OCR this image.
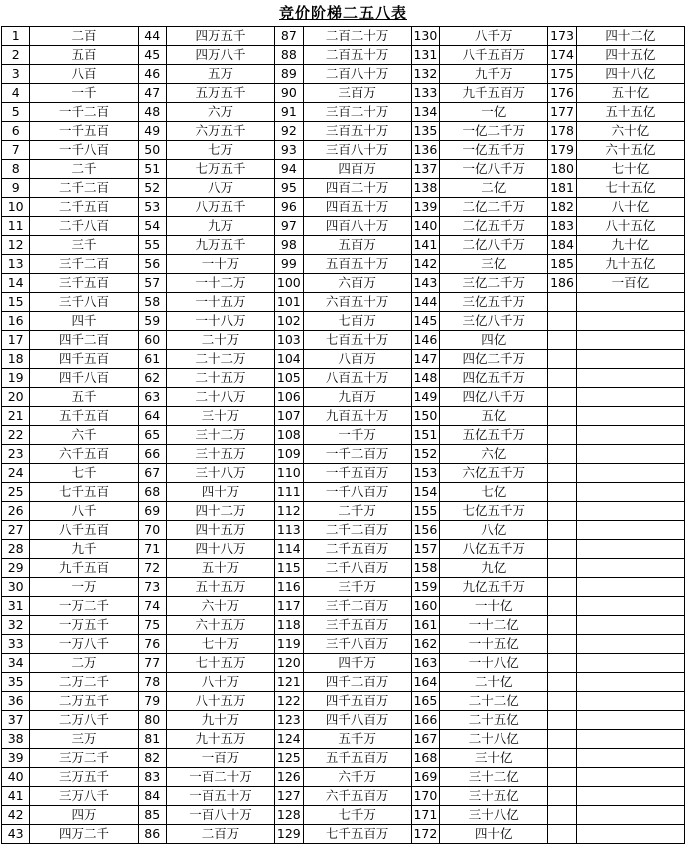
竞价阶梯二五八表
1	二百	44	四万五千	87	二百二十万	130	八千万	173	四十二亿
2	五百	45	四万八千	88	二百五十万	131	八千五百万	174	四十五亿
3	八百	46	五万	89	二百八十万	132	九千万	175	四十八亿
4	一千	47	五万五千	90	三百万	133	九千五百万	176	五十亿
5	一千二百	48	六万	91	三百二十万	134	一亿	177	五十五亿
6	一千五百	49	六万五千	92	三百五十万	135	一亿二千万	178	六十亿
7	一千八百	50	七万	93	三百八十万	136	一亿五千万	179	六十五亿
8	二千	51	七万五千	94	四百万	137	一亿八千万	180	七十亿
9	二千二百	52	八万	95	四百二十万	138	二亿	181	七十五亿
10	二千五百	53	八万五千	96	四百五十万	139	二亿二千万	182	八十亿
11	二千八百	54	九万	97	四百八十万	140	二亿五千万	183	八十五亿
12	三千	55	九万五千	98	五百万	141	二亿八千万	184	九十亿
13	三千二百	56	一十万	99	五百五十万	142	三亿	185	九十五亿
14	三千五百	57	一十二万	100	六百万	143	三亿二千万	186	一百亿
15	三千八百	58	一十五万	101	六百五十万	144	三亿五千万		
16	四千	59	一十八万	102	七百万	145	三亿八千万		
17	四千二百	60	二十万	103	七百五十万	146	四亿		
18	四千五百	61	二十二万	104	八百万	147	四亿二千万		
19	四千八百	62	二十五万	105	八百五十万	148	四亿五千万		
20	五千	63	二十八万	106	九百万	149	四亿八千万		
21	五千五百	64	三十万	107	九百五十万	150	五亿		
22	六千	65	三十二万	108	一千万	151	五亿五千万		
23	六千五百	66	三十五万	109	一千二百万	152	六亿		
24	七千	67	三十八万	110	一千五百万	153	六亿五千万		
25	七千五百	68	四十万	111	一千八百万	154	七亿		
26	八千	69	四十二万	112	二千万	155	七亿五千万		
27	八千五百	70	四十五万	113	二千二百万	156	八亿		
28	九千	71	四十八万	114	二千五百万	157	八亿五千万		
29	九千五百	72	五十万	115	二千八百万	158	九亿		
30	一万	73	五十五万	116	三千万	159	九亿五千万		
31	一万二千	74	六十万	117	三千二百万	160	一十亿		
32	一万五千	75	六十五万	118	三千五百万	161	一十二亿		
33	一万八千	76	七十万	119	三千八百万	162	一十五亿		
34	二万	77	七十五万	120	四千万	163	一十八亿		
35	二万二千	78	八十万	121	四千二百万	164	二十亿		
36	二万五千	79	八十五万	122	四千五百万	165	二十二亿		
37	二万八千	80	九十万	123	四千八百万	166	二十五亿		
38	三万	81	九十五万	124	五千万	167	二十八亿		
39	三万二千	82	一百万	125	五千五百万	168	三十亿		
40	三万五千	83	一百二十万	126	六千万	169	三十二亿		
41	三万八千	84	一百五十万	127	六千五百万	170	三十五亿		
42	四万	85	一百八十万	128	七千万	171	三十八亿		
43	四万二千	86	二百万	129	七千五百万	172	四十亿		
